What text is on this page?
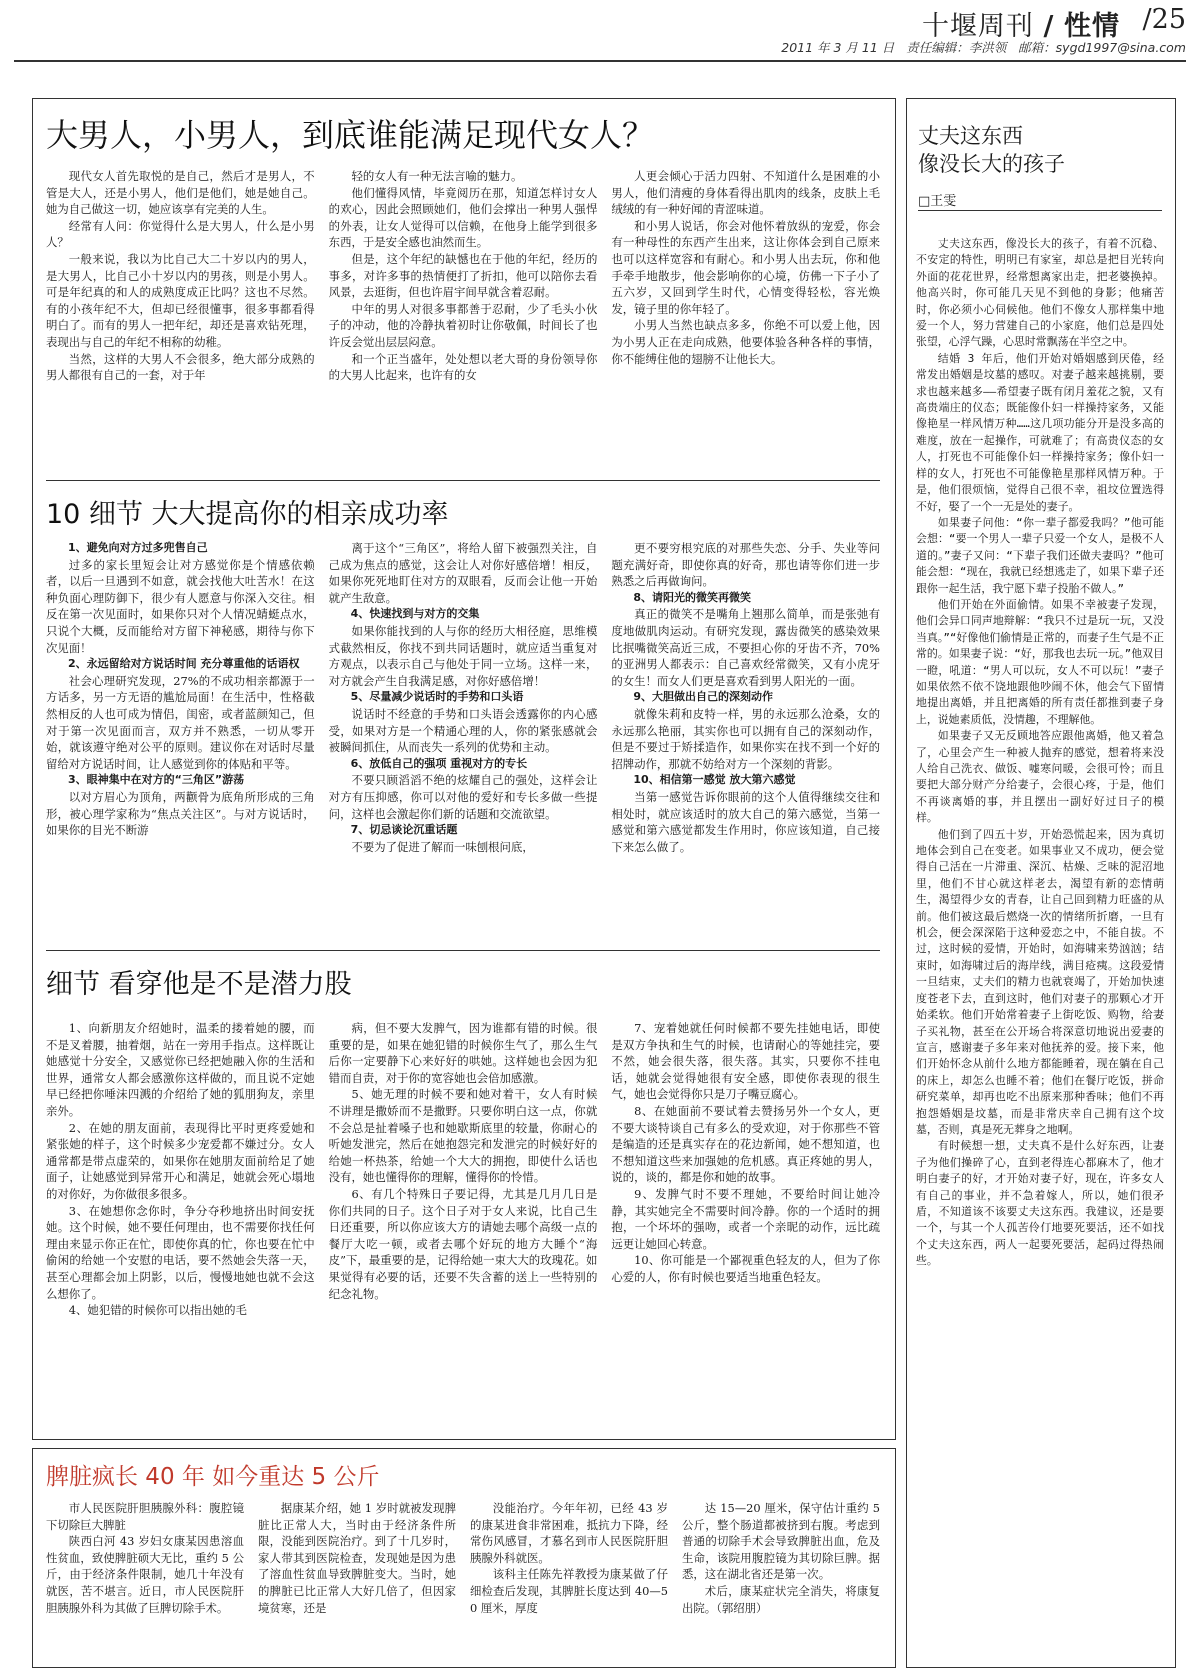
十堰周刊 / 性情 /25
2011 年 3 月 11 日 责任编辑：李洪领 邮箱：sygd1997@sina.com
大男人，小男人，到底谁能满足现代女人？

现代女人首先取悦的是自己，然后才是男人，不管是大人，还是小男人，他们是他们，她是她自己。她为自己做这一切，她应该享有完美的人生。

经常有人问：你觉得什么是大男人，什么是小男人？

一般来说，我以为比自己大二十岁以内的男人，是大男人，比自己小十岁以内的男孩，则是小男人。可是年纪真的和人的成熟度成正比吗？这也不尽然。有的小孩年纪不大，但却已经很懂事，很多事都看得明白了。而有的男人一把年纪，却还是喜欢钻死理，表现出与自己的年纪不相称的幼稚。

当然，这样的大男人不会很多，绝大部分成熟的男人都很有自己的一套，对于年

轻的女人有一种无法言喻的魅力。

他们懂得风情，毕竟阅历在那，知道怎样讨女人的欢心，因此会照顾她们，他们会撑出一种男人强悍的外表，让女人觉得可以信赖，在他身上能学到很多东西，于是安全感也油然而生。

但是，这个年纪的缺憾也在于他的年纪，经历的事多，对许多事的热情便打了折扣，他可以陪你去看风景，去逛街，但也许眉宇间早就含着忍耐。

中年的男人对很多事都善于忍耐，少了毛头小伙子的冲动，他的冷静执着初时让你敬佩，时间长了也许反会觉出层层闷意。

和一个正当盛年，处处想以老大哥的身份领导你的大男人比起来，也许有的女

人更会倾心于活力四射、不知道什么是困难的小男人，他们清瘦的身体看得出肌肉的线条，皮肤上毛绒绒的有一种好闻的青涩味道。

和小男人说话，你会对他怀着放纵的宠爱，你会有一种母性的东西产生出来，这让你体会到自己原来也可以这样宽容和有耐心。和小男人出去玩，你和他手牵手地散步，他会影响你的心境，仿佛一下子小了五六岁，又回到学生时代，心情变得轻松，容光焕发，镜子里的你年轻了。

小男人当然也缺点多多，你绝不可以爱上他，因为小男人正在走向成熟，他要体验各种各样的事情，你不能缚住他的翅膀不让他长大。

10 细节 大大提高你的相亲成功率

1、避免向对方过多兜售自己

过多的家长里短会让对方感觉你是个情感依赖者，以后一旦遇到不如意，就会找他大吐苦水！在这种负面心理防御下，很少有人愿意与你深入交往。相反在第一次见面时，如果你只对个人情况蜻蜓点水，只说个大概，反而能给对方留下神秘感，期待与你下次见面！

2、永远留给对方说话时间 充分尊重他的话语权

社会心理研究发现，27%的不成功相亲都源于一方话多，另一方无语的尴尬局面！在生活中，性格截然相反的人也可成为情侣，闺密，或者蓝颜知己，但对于第一次见面而言，双方并不熟悉，一切从零开始，就该遵守绝对公平的原则。建议你在对话时尽量留给对方说话时间，让人感觉到你的体贴和平等。

3、眼神集中在对方的“三角区”游荡

以对方眉心为顶角，两颧骨为底角所形成的三角形，被心理学家称为“焦点关注区”。与对方说话时，如果你的目光不断游

离于这个“三角区”，将给人留下被强烈关注，自己成为焦点的感觉，这会让人对你好感倍增！相反，如果你死死地盯住对方的双眼看，反而会让他一开始就产生敌意。

4、快速找到与对方的交集

如果你能找到的人与你的经历大相径庭，思维模式截然相反，你找不到共同话题时，就应适当重复对方观点，以表示自己与他处于同一立场。这样一来，对方就会产生自我满足感，对你好感倍增！

5、尽量减少说话时的手势和口头语

说话时不经意的手势和口头语会透露你的内心感受，如果对方是一个精通心理的人，你的紧张感就会被瞬间抓住，从而丧失一系列的优势和主动。

6、放低自己的强项 重视对方的专长

不要只顾滔滔不绝的炫耀自己的强处，这样会让对方有压抑感，你可以对他的爱好和专长多做一些提问，这样也会激起你们新的话题和交流欲望。

7、切忌谈论沉重话题

不要为了促进了解而一味刨根问底，

更不要穷根究底的对那些失恋、分手、失业等问题充满好奇，即使你真的好奇，那也请等你们进一步熟悉之后再做询问。

8、请阳光的微笑再微笑

真正的微笑不是嘴角上翘那么简单，而是张弛有度地做肌肉运动。有研究发现，露齿微笑的感染效果比抿嘴微笑高近三成，不要担心你的牙齿不齐，70%的亚洲男人都表示：自己喜欢经常微笑，又有小虎牙的女生！而女人们更是喜欢看到男人阳光的一面。

9、大胆做出自己的深刻动作

就像朱莉和皮特一样，男的永远那么沧桑，女的永远那么艳丽，其实你也可以拥有自己的深刻动作，但是不要过于矫揉造作，如果你实在找不到一个好的招牌动作，那就不妨给对方一个深刻的背影。

10、相信第一感觉 放大第六感觉

当第一感觉告诉你眼前的这个人值得继续交往和相处时，就应该适时的放大自己的第六感觉，当第一感觉和第六感觉都发生作用时，你应该知道，自己接下来怎么做了。

细节 看穿他是不是潜力股

1、向新朋友介绍她时，温柔的搂着她的腰，而不是叉着腰，抽着烟，站在一旁用手指点。这样既让她感觉十分安全，又感觉你已经把她融入你的生活和世界，通常女人都会感激你这样做的，而且说不定她早已经把你唾沫四溅的介绍给了她的狐朋狗友，亲里亲外。

2、在她的朋友面前，表现得比平时更疼爱她和紧张她的样子，这个时候多少宠爱都不嫌过分。女人通常都是带点虚荣的，如果你在她朋友面前给足了她面子，让她感觉到异常开心和满足，她就会死心塌地的对你好，为你做很多很多。

3、在她想你念你时，争分夺秒地挤出时间安抚她。这个时候，她不要任何理由，也不需要你找任何理由来显示你正在忙，即使你真的忙，你也要在忙中偷闲的给她一个安慰的电话，要不然她会失落一天，甚至心理都会加上阴影，以后，慢慢地她也就不会这么想你了。

4、她犯错的时候你可以指出她的毛

病，但不要大发脾气，因为谁都有错的时候。很重要的是，如果在她犯错的时候你生气了，那么生气后你一定要静下心来好好的哄她。这样她也会因为犯错而自责，对于你的宽容她也会倍加感激。

5、她无理的时候不要和她对着干，女人有时候不讲理是撒娇而不是撒野。只要你明白这一点，你就不会总是扯着嗓子也和她歇斯底里的较量，你耐心的听她发泄完，然后在她抱怨完和发泄完的时候好好的给她一杯热茶，给她一个大大的拥抱，即使什么话也没有，她也懂得你的理解，懂得你的怜惜。

6、有几个特殊日子要记得，尤其是几月几日是你们共同的日子。这个日子对于女人来说，比自己生日还重要，所以你应该大方的请她去哪个高级一点的餐厅大吃一顿，或者去哪个好玩的地方大睡个“海皮”下，最重要的是，记得给她一束大大的玫瑰花。如果觉得有必要的话，还要不失含蓄的送上一些特别的纪念礼物。

7、宠着她就任何时候都不要先挂她电话，即使是双方争执和生气的时候，也请耐心的等她挂完，要不然，她会很失落，很失落。其实，只要你不挂电话，她就会觉得她很有安全感，即使你表现的很生气，她也会觉得你只是刀子嘴豆腐心。

8、在她面前不要试着去赞扬另外一个女人，更不要大谈特谈自己有多么的受欢迎，对于你那些不管是编造的还是真实存在的花边新闻，她不想知道，也不想知道这些来加强她的危机感。真正疼她的男人，说的，谈的，都是你和她的故事。

9、发脾气时不要不理她，不要给时间让她冷静，其实她完全不需要时间冷静。你的一个适时的拥抱，一个坏坏的强吻，或者一个亲昵的动作，远比疏远更让她回心转意。

10、你可能是一个鄙视重色轻友的人，但为了你心爱的人，你有时候也要适当地重色轻友。

脾脏疯长 40 年 如今重达 5 公斤

市人民医院肝胆胰腺外科：腹腔镜下切除巨大脾脏

陕西白河 43 岁妇女康某因患溶血性贫血，致使脾脏硕大无比，重约 5 公斤，由于经济条件限制，她几十年没有就医，苦不堪言。近日，市人民医院肝胆胰腺外科为其做了巨脾切除手术。

据康某介绍，她 1 岁时就被发现脾脏比正常人大，当时由于经济条件所限，没能到医院治疗。到了十几岁时，家人带其到医院检查，发现她是因为患了溶血性贫血导致脾脏变大。当时，她的脾脏已比正常人大好几倍了，但因家境贫寒，还是

没能治疗。今年年初，已经 43 岁的康某进食非常困难，抵抗力下降，经常伤风感冒，才慕名到市人民医院肝胆胰腺外科就医。

该科主任陈先祥教授为康某做了仔细检查后发现，其脾脏长度达到 40—50 厘米，厚度

达 15—20 厘米，保守估计重约 5 公斤，整个肠道都被挤到右腹。考虑到普通的切除手术会导致脾脏出血，危及生命，该院用腹腔镜为其切除巨脾。据悉，这在湖北省还是第一次。

术后，康某症状完全消失，将康复出院。（郭绍朋）

丈夫这东西
像没长大的孩子
□王雯

丈夫这东西，像没长大的孩子，有着不沉稳、不安定的特性，明明已有家室，却总是把目光转向外面的花花世界，经常想离家出走，把老婆换掉。他高兴时，你可能几天见不到他的身影；他痛苦时，你必须小心伺候他。他们不像女人那样集中地爱一个人，努力营建自己的小家庭，他们总是四处张望，心浮气躁，心思时常飘荡在半空之中。

结婚 3 年后，他们开始对婚姻感到厌倦，经常发出婚姻是坟墓的感叹。对妻子越来越挑剔，要求也越来越多——希望妻子既有闭月羞花之貌，又有高贵端庄的仪态；既能像仆妇一样操持家务，又能像艳星一样风情万种……这几项功能分开是没多高的难度，放在一起操作，可就难了；有高贵仪态的女人，打死也不可能像仆妇一样操持家务；像仆妇一样的女人，打死也不可能像艳星那样风情万种。于是，他们很烦恼，觉得自己很不幸，祖坟位置选得不好，娶了一个一无是处的妻子。

如果妻子问他：“你一辈子都爱我吗？”他可能会想：“要一个男人一辈子只爱一个女人，是极不人道的。”妻子又问：“下辈子我们还做夫妻吗？”他可能会想：“现在，我就已经想逃走了，如果下辈子还跟你一起生活，我宁愿下辈子投胎不做人。”

他们开始在外面偷情。如果不幸被妻子发现，他们会异口同声地辩解：“我只不过是玩一玩，又没当真。”“好像他们偷情是正常的，而妻子生气是不正常的。如果妻子说：“好，那我也去玩一玩。”他双目一瞪，吼道：“男人可以玩，女人不可以玩！”妻子如果依然不依不饶地跟他吵闹不休，他会气下留情地提出离婚，并且把离婚的所有责任都推到妻子身上，说她素质低，没情趣，不理解他。

如果妻子又无反顾地答应跟他离婚，他又着急了，心里会产生一种被人抛弃的感觉，想着将来没人给自己洗衣、做饭、嘘寒问暖，会很可怜；而且要把大部分财产分给妻子，会很心疼，于是，他们不再谈离婚的事，并且摆出一副好好过日子的模样。

他们到了四五十岁，开始恐慌起来，因为真切地体会到自己在变老。如果事业又不成功，便会觉得自己活在一片滞重、深沉、枯燥、乏味的泥沼地里，他们不甘心就这样老去，渴望有新的恋情萌生，渴望得少女的青春，让自己回到精力旺盛的从前。他们被这最后燃烧一次的情绪所折磨，一旦有机会，便会深深陷于这种爱恋之中，不能自拔。不过，这时候的爱情，开始时，如海啸来势汹汹；结束时，如海啸过后的海岸线，满目疮痍。这段爱情一旦结束，丈夫们的精力也就衰竭了，开始加快速度苍老下去，直到这时，他们对妻子的那颗心才开始柔软。他们开始常着妻子上街吃饭、购物，给妻子买礼物，甚至在公开场合将深意切地说出爱妻的宣言，感谢妻子多年来对他抚养的爱。接下来，他们开始怀念从前什么地方都能睡着，现在躺在自己的床上，却怎么也睡不着；他们在餐厅吃饭，拼命研究菜单，却再也吃不出原来那种香味；他们不再抱怨婚姻是坟墓，而是非常庆幸自己拥有这个坟墓，否则，真是死无葬身之地啊。

有时候想一想，丈夫真不是什么好东西，让妻子为他们操碎了心，直到老得连心都麻木了，他才明白妻子的好，才开始对妻子好，现在，许多女人有自己的事业，并不急着嫁人，所以，她们很矛盾，不知道该不该要丈夫这东西。我建议，还是要一个，与其一个人孤苦伶仃地要死要活，还不如找个丈夫这东西，两人一起要死要活，起码过得热闹些。
